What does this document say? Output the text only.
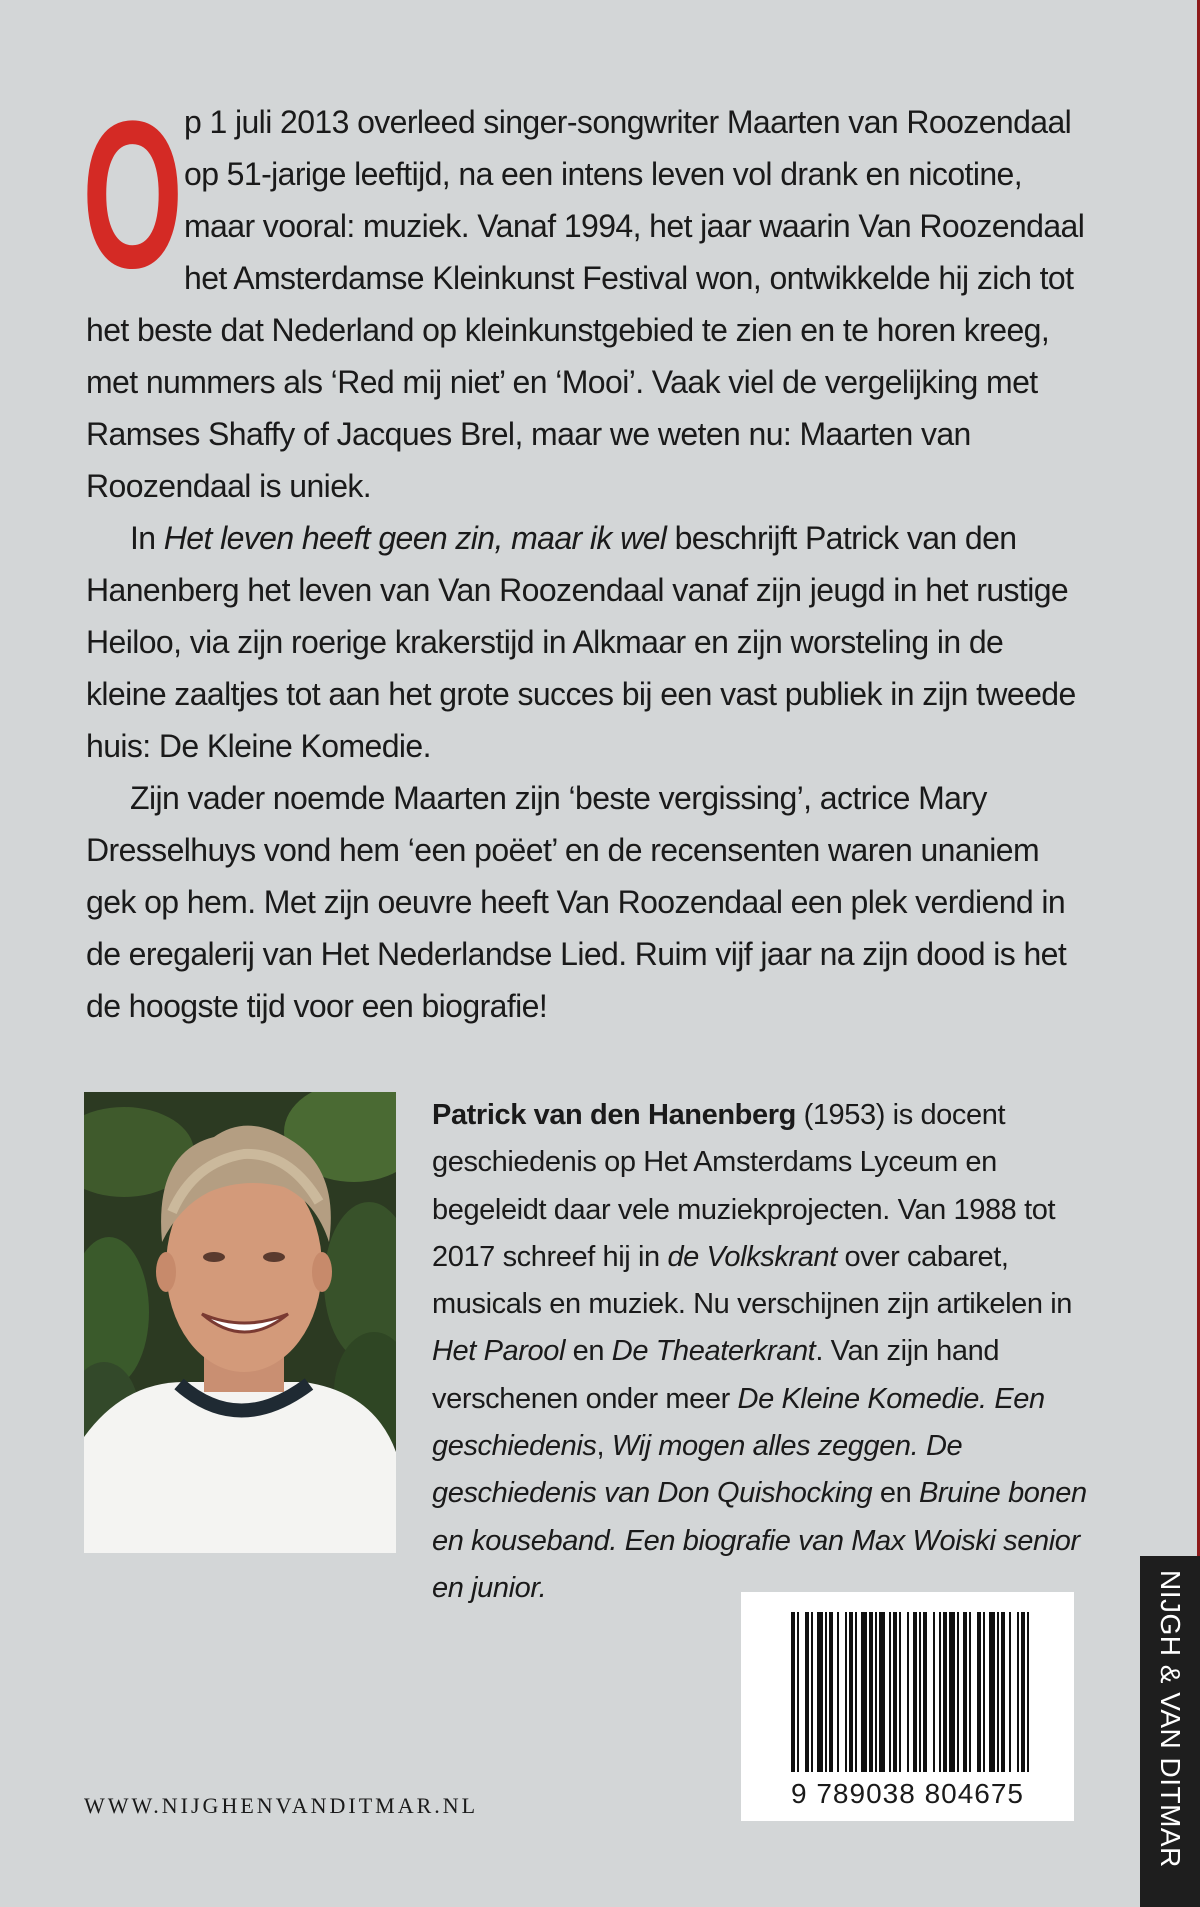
Op 1 juli 2013 overleed singer-songwriter Maarten van Roozendaal op 51-jarige leeftijd, na een intens leven vol drank en nicotine, maar vooral: muziek. Vanaf 1994, het jaar waarin Van Roozendaal het Amsterdamse Kleinkunst Festival won, ontwikkelde hij zich tot het beste dat Nederland op kleinkunstgebied te zien en te horen kreeg, met nummers als ‘Red mij niet’ en ‘Mooi’. Vaak viel de vergelijking met Ramses Shaffy of Jacques Brel, maar we weten nu: Maarten van Roozendaal is uniek.

In Het leven heeft geen zin, maar ik wel beschrijft Patrick van den Hanenberg het leven van Van Roozendaal vanaf zijn jeugd in het rustige Heiloo, via zijn roerige krakerstijd in Alkmaar en zijn worsteling in de kleine zaaltjes tot aan het grote succes bij een vast publiek in zijn tweede huis: De Kleine Komedie.

Zijn vader noemde Maarten zijn ‘beste vergissing’, actrice Mary Dresselhuys vond hem ‘een poëet’ en de recensenten waren unaniem gek op hem. Met zijn oeuvre heeft Van Roozendaal een plek verdiend in de eregalerij van Het Nederlandse Lied. Ruim vijf jaar na zijn dood is het de hoogste tijd voor een biografie!

Patrick van den Hanenberg (1953) is docent geschiedenis op Het Amsterdams Lyceum en begeleidt daar vele muziekprojecten. Van 1988 tot 2017 schreef hij in de Volkskrant over cabaret, musicals en muziek. Nu verschijnen zijn artikelen in Het Parool en De Theaterkrant. Van zijn hand verschenen onder meer De Kleine Komedie. Een geschiedenis, Wij mogen alles zeggen. De geschiedenis van Don Quishocking en Bruine bonen en kouseband. Een biografie van Max Woiski senior en junior.

WWW.NIJGHENVANDITMAR.NL	9 789038 804675	NIJGH & VAN DITMAR
